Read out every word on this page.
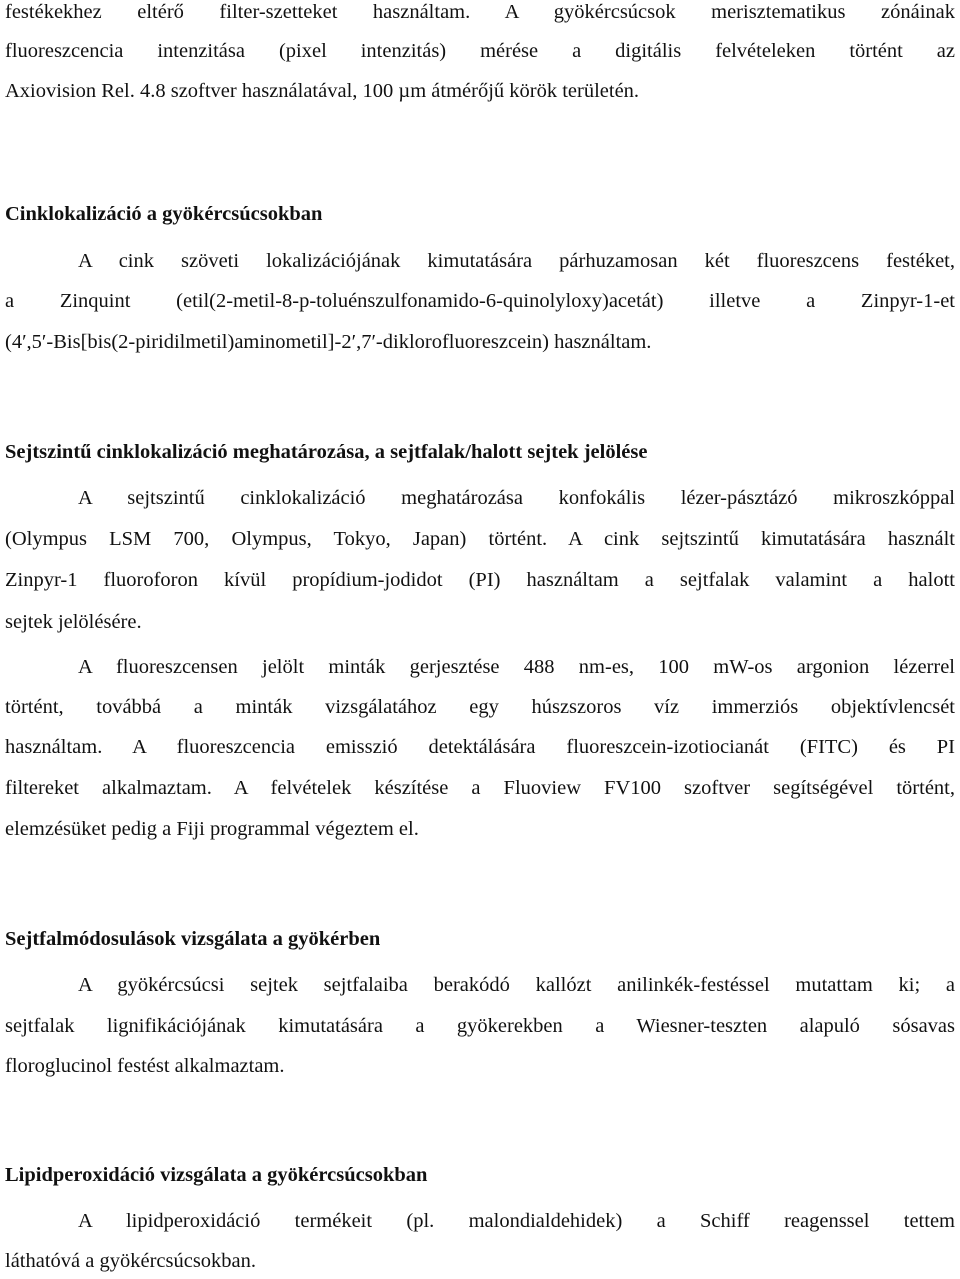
festékekhez eltérő filter-szetteket használtam. A gyökércsúcsok merisztematikus zónáinak
fluoreszcencia intenzitása (pixel intenzitás) mérése a digitális felvételeken történt az
Axiovision Rel. 4.8 szoftver használatával, 100 µm átmérőjű körök területén.
Cinklokalizáció a gyökércsúcsokban
A cink szöveti lokalizációjának kimutatására párhuzamosan két fluoreszcens festéket,
a Zinquint (etil(2-metil-8-p-toluénszulfonamido-6-quinolyloxy)acetát) illetve a Zinpyr-1-et
(4′,5′-Bis[bis(2-piridilmetil)aminometil]-2′,7′-diklorofluoreszcein) használtam.
Sejtszintű cinklokalizáció meghatározása, a sejtfalak/halott sejtek jelölése
A sejtszintű cinklokalizáció meghatározása konfokális lézer-pásztázó mikroszkóppal
(Olympus LSM 700, Olympus, Tokyo, Japan) történt. A cink sejtszintű kimutatására használt
Zinpyr-1 fluoroforon kívül propídium-jodidot (PI) használtam a sejtfalak valamint a halott
sejtek jelölésére.
A fluoreszcensen jelölt minták gerjesztése 488 nm-es, 100 mW-os argonion lézerrel
történt, továbbá a minták vizsgálatához egy húszszoros víz immerziós objektívlencsét
használtam. A fluoreszcencia emisszió detektálására fluoreszcein-izotiocianát (FITC) és PI
filtereket alkalmaztam. A felvételek készítése a Fluoview FV100 szoftver segítségével történt,
elemzésüket pedig a Fiji programmal végeztem el.
Sejtfalmódosulások vizsgálata a gyökérben
A gyökércsúcsi sejtek sejtfalaiba berakódó kallózt anilinkék-festéssel mutattam ki; a
sejtfalak lignifikációjának kimutatására a gyökerekben a Wiesner-teszten alapuló sósavas
floroglucinol festést alkalmaztam.
Lipidperoxidáció vizsgálata a gyökércsúcsokban
A lipidperoxidáció termékeit (pl. malondialdehidek) a Schiff reagenssel tettem
láthatóvá a gyökércsúcsokban.
